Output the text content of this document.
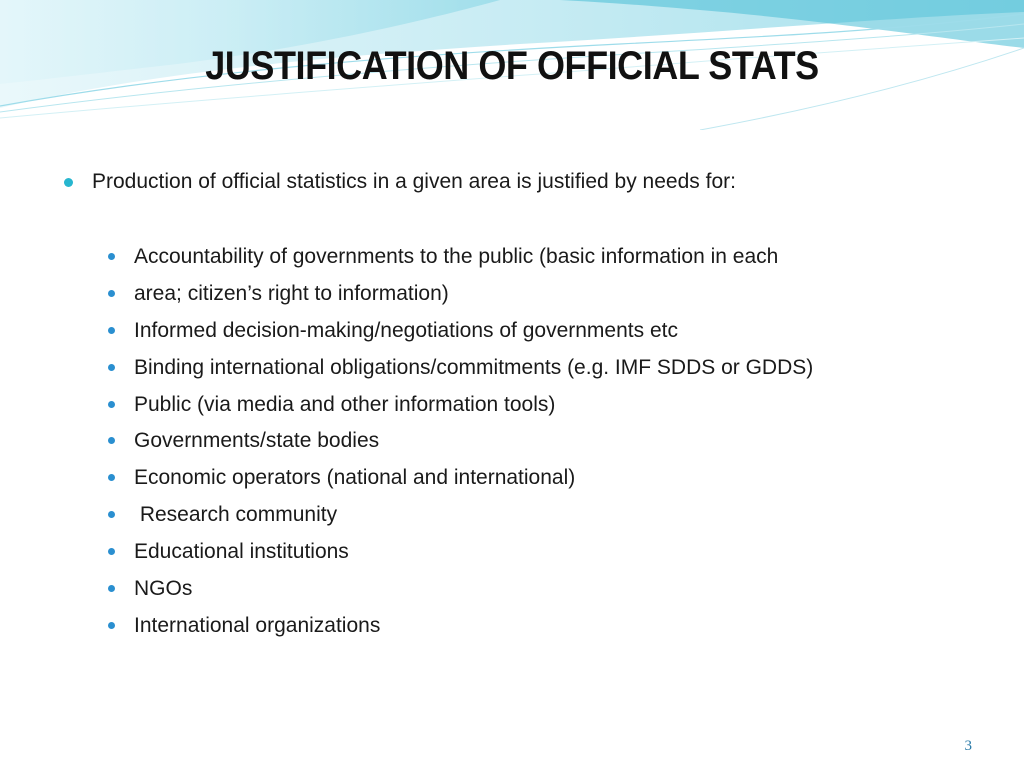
JUSTIFICATION OF OFFICIAL STATS
Production of official statistics in a given area is justified by needs for:
Accountability of governments to the public (basic information in each
area; citizen’s right to information)
Informed decision-making/negotiations of governments etc
Binding international obligations/commitments (e.g. IMF SDDS or GDDS)
Public (via media and other information tools)
Governments/state bodies
Economic operators (national and international)
Research community
Educational institutions
NGOs
International organizations
3
